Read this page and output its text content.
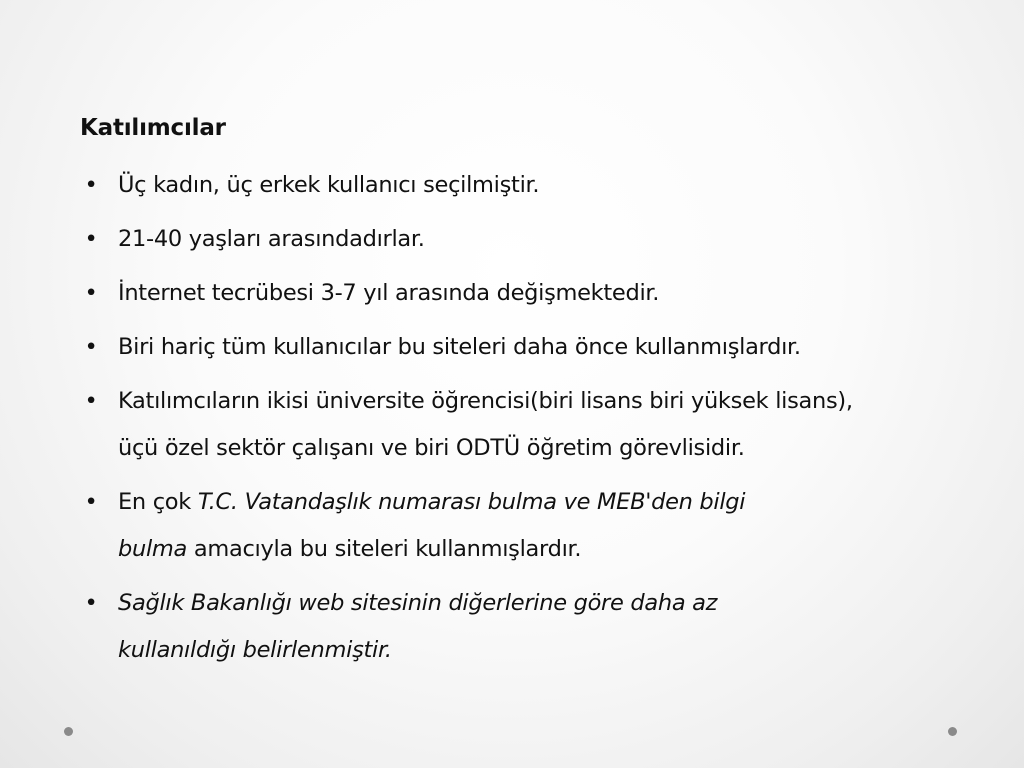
Katılımcılar
• Üç kadın, üç erkek kullanıcı seçilmiştir.
• 21-40 yaşları arasındadırlar.
• İnternet tecrübesi 3-7 yıl arasında değişmektedir.
• Biri hariç tüm kullanıcılar bu siteleri daha önce kullanmışlardır.
• Katılımcıların ikisi üniversite öğrencisi(biri lisans biri yüksek lisans),
üçü özel sektör çalışanı ve biri ODTÜ öğretim görevlisidir.
• En çok T.C. Vatandaşlık numarası bulma ve MEB'den bilgi
bulma amacıyla bu siteleri kullanmışlardır.
• Sağlık Bakanlığı web sitesinin diğerlerine göre daha az
kullanıldığı belirlenmiştir.
